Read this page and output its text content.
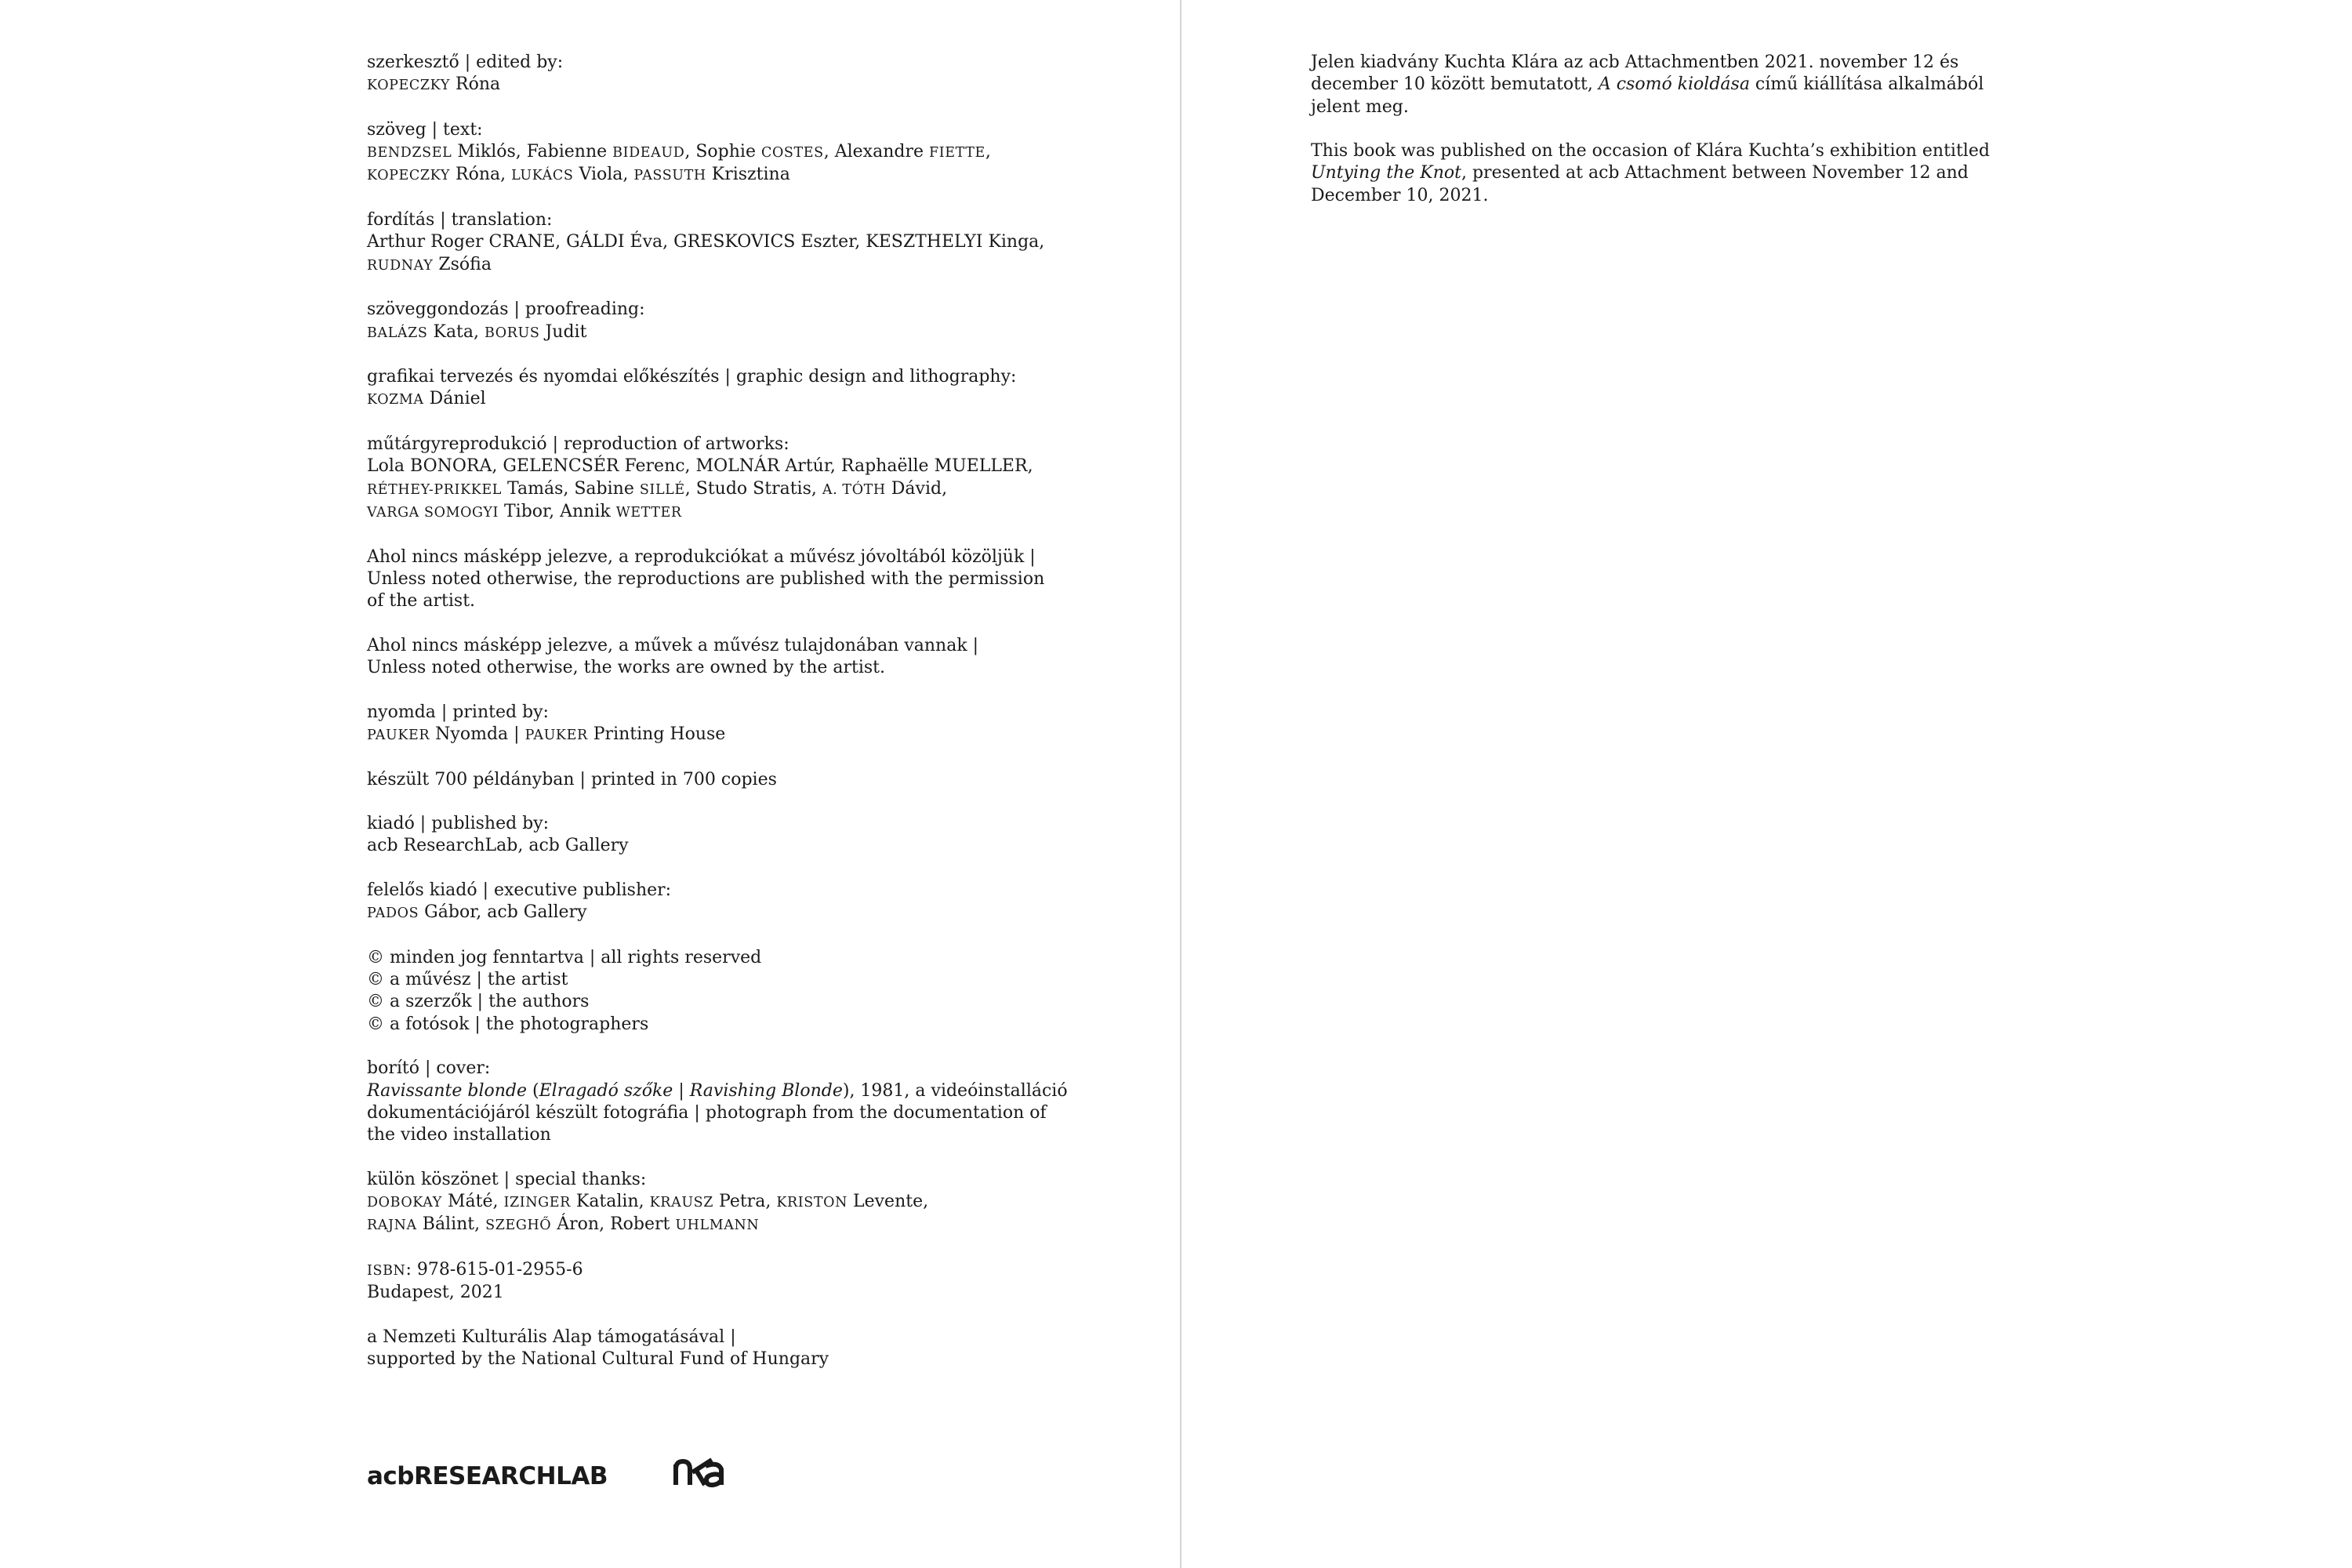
szerkesztő | edited by:
KOPECZKY Róna
szöveg | text:
BENDZSEL Miklós, Fabienne BIDEAUD, Sophie COSTES, Alexandre FIETTE,
KOPECZKY Róna, LUKÁCS Viola, PASSUTH Krisztina
fordítás | translation:
Arthur Roger CRANE, GÁLDI Éva, GRESKOVICS Eszter, KESZTHELYI Kinga,
RUDNAY Zsófia
szöveggondozás | proofreading:
BALÁZS Kata, BORUS Judit
grafikai tervezés és nyomdai előkészítés | graphic design and lithography:
KOZMA Dániel
műtárgyreprodukció | reproduction of artworks:
Lola BONORA, GELENCSÉR Ferenc, MOLNÁR Artúr, Raphaëlle MUELLER,
RÉTHEY-PRIKKEL Tamás, Sabine SILLÉ, Studo Stratis, A. TÓTH Dávid,
VARGA SOMOGYI Tibor, Annik WETTER
Ahol nincs másképp jelezve, a reprodukciókat a művész jóvoltából közöljük |
Unless noted otherwise, the reproductions are published with the permission
of the artist.
Ahol nincs másképp jelezve, a művek a művész tulajdonában vannak |
Unless noted otherwise, the works are owned by the artist.
nyomda | printed by:
PAUKER Nyomda | PAUKER Printing House
készült 700 példányban | printed in 700 copies
kiadó | published by:
acb ResearchLab, acb Gallery
felelős kiadó | executive publisher:
PADOS Gábor, acb Gallery
© minden jog fenntartva | all rights reserved
© a művész | the artist
© a szerzők | the authors
© a fotósok | the photographers
borító | cover:
Ravissante blonde (Elragadó szőke | Ravishing Blonde), 1981, a videóinstalláció
dokumentációjáról készült fotográfia | photograph from the documentation of
the video installation
külön köszönet | special thanks:
DOBOKAY Máté, IZINGER Katalin, KRAUSZ Petra, KRISTON Levente,
RAJNA Bálint, SZEGHŐ Áron, Robert UHLMANN
ISBN: 978-615-01-2955-6
Budapest, 2021
a Nemzeti Kulturális Alap támogatásával |
supported by the National Cultural Fund of Hungary
acbRESEARCHLAB

Jelen kiadvány Kuchta Klára az acb Attachmentben 2021. november 12 és
december 10 között bemutatott, A csomó kioldása című kiállítása alkalmából
jelent meg.

This book was published on the occasion of Klára Kuchta’s exhibition entitled
Untying the Knot, presented at acb Attachment between November 12 and
December 10, 2021.
